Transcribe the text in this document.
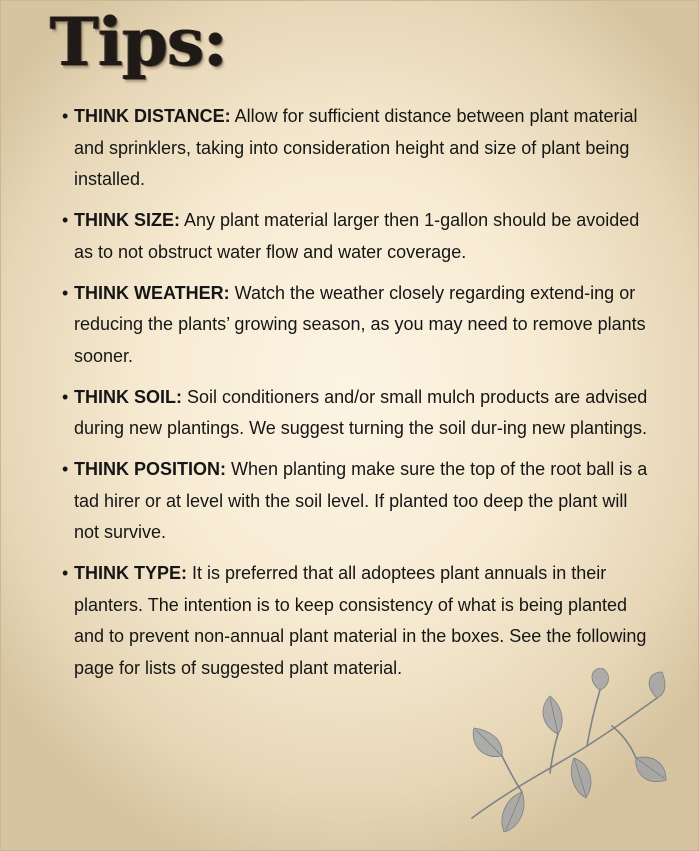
Tips:
• THINK DISTANCE: Allow for sufficient distance between plant material and sprinklers, taking into consideration height and size of plant being installed.
• THINK SIZE: Any plant material larger then 1-gallon should be avoided as to not obstruct water flow and water coverage.
• THINK WEATHER: Watch the weather closely regarding extend-ing or reducing the plants’ growing season, as you may need to remove plants sooner.
• THINK SOIL: Soil conditioners and/or small mulch products are advised during new plantings. We suggest turning the soil dur-ing new plantings.
• THINK POSITION: When planting make sure the top of the root ball is a tad hirer or at level with the soil level. If planted too deep the plant will not survive.
• THINK TYPE: It is preferred that all adoptees plant annuals in their planters. The intention is to keep consistency of what is being planted and to prevent non-annual plant material in the boxes. See the following page for lists of suggested plant material.
